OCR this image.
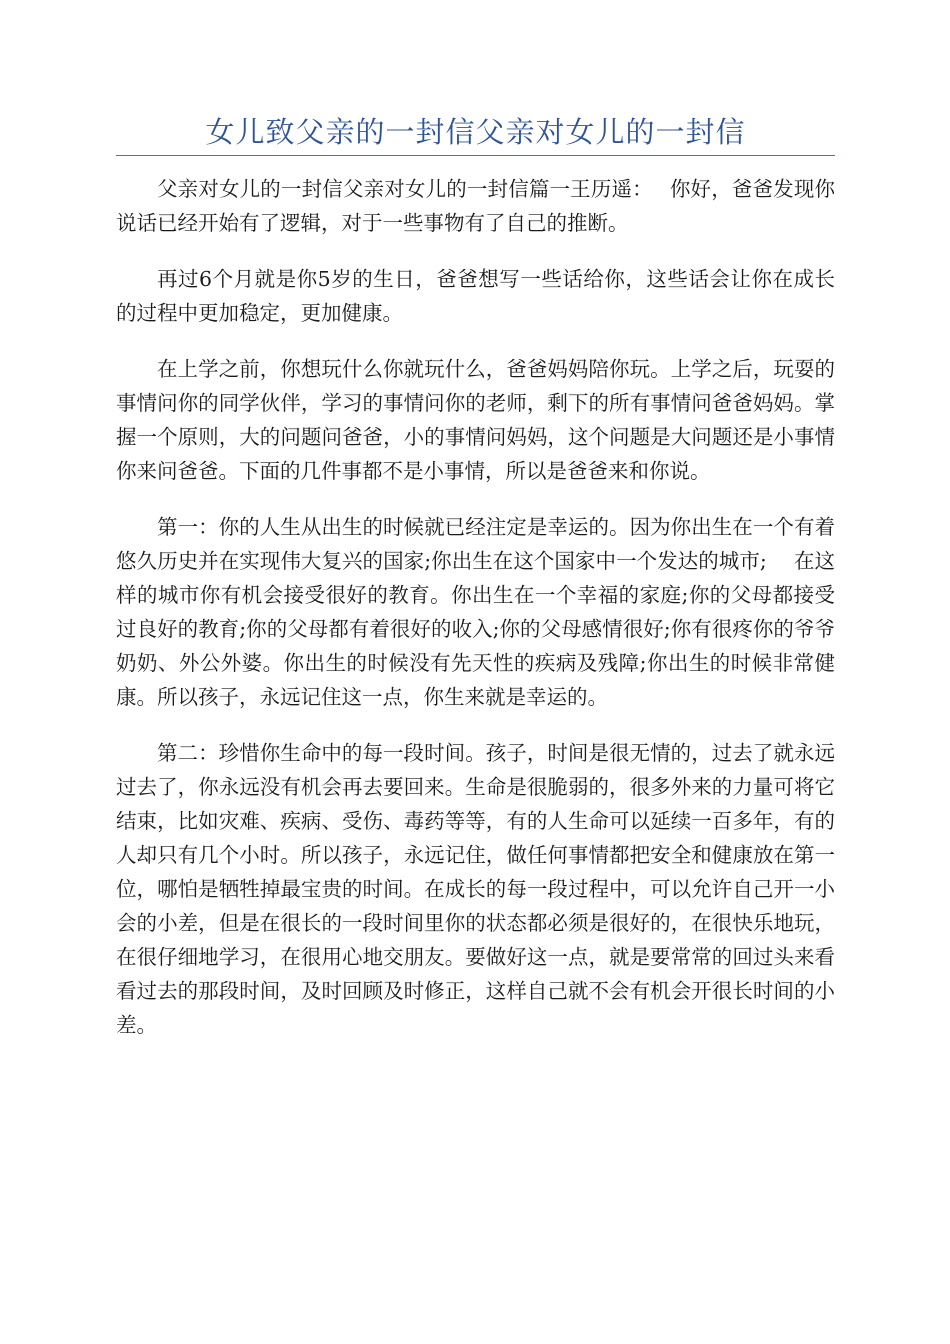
女儿致父亲的一封信父亲对女儿的一封信

父亲对女儿的一封信父亲对女儿的一封信篇一王历遥：　 你好，爸爸发现你说话已经开始有了逻辑，对于一些事物有了自己的推断。

再过6个月就是你5岁的生日，爸爸想写一些话给你，这些话会让你在成长的过程中更加稳定，更加健康。

在上学之前，你想玩什么你就玩什么，爸爸妈妈陪你玩。上学之后，玩耍的事情问你的同学伙伴，学习的事情问你的老师，剩下的所有事情问爸爸妈妈。掌握一个原则，大的问题问爸爸，小的事情问妈妈，这个问题是大问题还是小事情你来问爸爸。下面的几件事都不是小事情，所以是爸爸来和你说。

第一：你的人生从出生的时候就已经注定是幸运的。因为你出生在一个有着悠久历史并在实现伟大复兴的国家;你出生在这个国家中一个发达的城市;　 在这样的城市你有机会接受很好的教育。你出生在一个幸福的家庭;你的父母都接受过良好的教育;你的父母都有着很好的收入;你的父母感情很好;你有很疼你的爷爷奶奶、外公外婆。你出生的时候没有先天性的疾病及残障;你出生的时候非常健康。所以孩子，永远记住这一点，你生来就是幸运的。

第二：珍惜你生命中的每一段时间。孩子，时间是很无情的，过去了就永远过去了，你永远没有机会再去要回来。生命是很脆弱的，很多外来的力量可将它结束，比如灾难、疾病、受伤、毒药等等，有的人生命可以延续一百多年，有的人却只有几个小时。所以孩子，永远记住，做任何事情都把安全和健康放在第一位，哪怕是牺牲掉最宝贵的时间。在成长的每一段过程中，可以允许自己开一小会的小差，但是在很长的一段时间里你的状态都必须是很好的，在很快乐地玩，在很仔细地学习，在很用心地交朋友。要做好这一点，就是要常常的回过头来看看过去的那段时间，及时回顾及时修正，这样自己就不会有机会开很长时间的小差。
